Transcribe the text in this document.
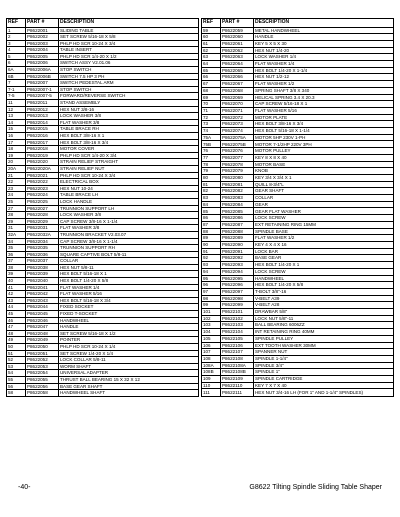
REF	PART #	DESCRIPTION
1	P8622001	SLIDING TABLE
2	P8622002	SET SCREW 5/16-18 X 5/8
3	P8622003	PHLP HD SCR 10-24 X 3/4
4	P8622004	TABLE INSERT
5	P8622005	PHLP HD SCR 1/4-20 X 1/2
6	P8622006	SWITCH ASSY V2.01.06
6A	P8622006A	STOP SWITCH
6B	P8622006B	SWITCH 7.5 HP 3 PH
7	P8622007	SWITCH PEDESTAL ARM
7-1	P8622007-1	STOP SWITCH
7-5	P8622007-5	FORWARD/REVERSE SWITCH
11	P8622011	STAND ASSEMBLY
12	P8622012	HEX NUT 3/8-16
13	P8622013	LOCK WASHER 3/8
14	P8622014	FLAT WASHER 3/8
15	P8622015	TABLE BRACE RH
16	P8622016	HEX BOLT 3/8-16 X 1
17	P8622017	HEX BOLT 3/8-16 X 3/4
18	P8622018	MOTOR COVER
19	P8622019	PHLP HD SCR 1/4-20 X 3/4
20	P8622020	STRAIN RELIEF STRAIGHT
20A	P8622020A	STRAIN RELIEF NUT
21	P8622021	PHLP HD SCR 10-24 X 3/4
22	P8622022	ELECTRICAL BOX
23	P8622023	HEX NUT 10-24
24	P8622024	TABLE BRACE LH
25	P8622025	LOCK HANDLE
27	P8622027	TRUNNION SUPPORT LH
28	P8622028	LOCK WASHER 3/8
29	P8622029	CAP SCREW 3/8-16 X 1-1/4
31	P8622031	FLAT WASHER 3/8
32A	P8622032A	TRUNNION BRACKET V2.03.07
34	P8622034	CAP SCREW 3/8-16 X 1-1/4
35	P8622035	TRUNNION SUPPORT RH
36	P8622036	SQUARE CAPTIVE BOLT 5/8-11
37	P8622037	COLLAR
38	P8622038	HEX NUT 5/8-11
39	P8622039	HEX BOLT 5/16-18 X 1
40	P8622040	HEX BOLT 1/4-20 X 5/8
41	P8622041	FLAT WASHER 1/4
42	P8622042	FLAT WASHER 5/16
43	P8622043	HEX BOLT 5/16-18 X 3/4
44	P8622044	FIXED SOCKET
45	P8622045	FIXED T-SOCKET
46	P8622046	HANDWHEEL
47	P8622047	HANDLE
48	P8622048	SET SCREW 5/16-18 X 1/2
49	P8622049	POINTER
50	P8622050	PHLP HD SCR 10-24 X 1/4
51	P8622051	SET SCREW 1/4-20 X 1/4
52	P8622052	LOCK COLLAR 5/8-11
53	P8622053	WORM SHAFT
54	P8622054	UNIVERSAL ADAPTER
55	P8622055	THRUST BALL BEARING 15 X 32 X 12
56	P8622056	BASE GEAR SHAFT
58	P8622058	HANDWHEEL SHAFT
REF	PART #	DESCRIPTION
59	P8622059	METAL HANDWHEEL
60	P8622060	HANDLE
61	P8622061	KEY 5 X 5 X 30
62	P8622062	HEX NUT 1/4-20
63	P8622063	LOCK WASHER 1/4
64	P8622064	FLAT WASHER 1/4
65	P8622065	HEX BOLT 1/4-20 X 1-1/4
66	P8622066	HEX NUT 1/2-12
67	P8622067	FLAT WASHER 1/2
68	P8622068	SPRING SHAFT 3/8 X 340
69	P8622069	HELICAL SPRING 3.4 X 20.3
70	P8622070	CAP SCREW 5/16-18 X 1
71	P8622071	FLAT WASHER 5/16
72	P8622072	MOTOR PLATE
73	P8622073	HEX BOLT 3/8-16 X 3/4
74	P8622074	HEX BOLT 5/16-18 X 1-1/4
75A	P8622075A	MOTOR 5HP 230V 1-PH
75B	P8622075B	MOTOR 7-1/2HP 220V 3PH
76	P8622076	MOTOR PULLEY
77	P8622077	KEY 8 X 8 X 40
78	P8622078	MOTOR BASE
79	P8622079	KNOB
80	P8622080	KEY 3/4 X 3/4 X 1
81	P8622081	QUILL 8-3/4"L
82	P8622082	GEAR SHAFT
83	P8622083	COLLAR
84	P8622084	GEAR
85	P8622085	GEAR FLAT WASHER
86	P8622086	LOCK SCREW
87	P8622087	EXT RETAINING RING 15MM
88	P8622088	SPINDLE BASE
89	P8622089	FLAT WASHER 1/2
90	P8622090	KEY 4 X 4 X 16
91	P8622091	LOCK BAR
92	P8622092	BASE GEAR
93	P8622093	HEX BOLT 1/4-20 X 1
94	P8622094	LOCK SCREW
95	P8622095	HANDWHEEL
96	P8622096	HEX BOLT 1/4-20 X 5/8
97	P8622097	T-BOLT 3/8"-16
98	P8622098	V-BELT A39
99	P8622099	V-BELT A28
101	P8622101	DRAWBAR 5/8"
102	P8622102	LOCK NUT 5/8"-11
103	P8622103	BALL BEARING 6006ZZ
104	P8622104	INT RETAINING RING 40MM
105	P8622105	SPINDLE PULLEY
106	P8622106	EXT TOOTH WASHER 30MM
107	P8622107	SPANNER NUT
108	P8622108	SPINDLE 1-1/4"
108A	P8622108A	SPINDLE 3/4"
108B	P8622108B	SPINDLE 1"
109	P8622109	SPINDLE CARTRIDGE
110	P8622110	KEY 7 X 7 X 40
111	P8622111	HEX NUT 3/4-16 LH (FOR 1" AND 1-1/4" SPINDLES)
-40-	G8622 Tilting Spindle Sliding Table Shaper
